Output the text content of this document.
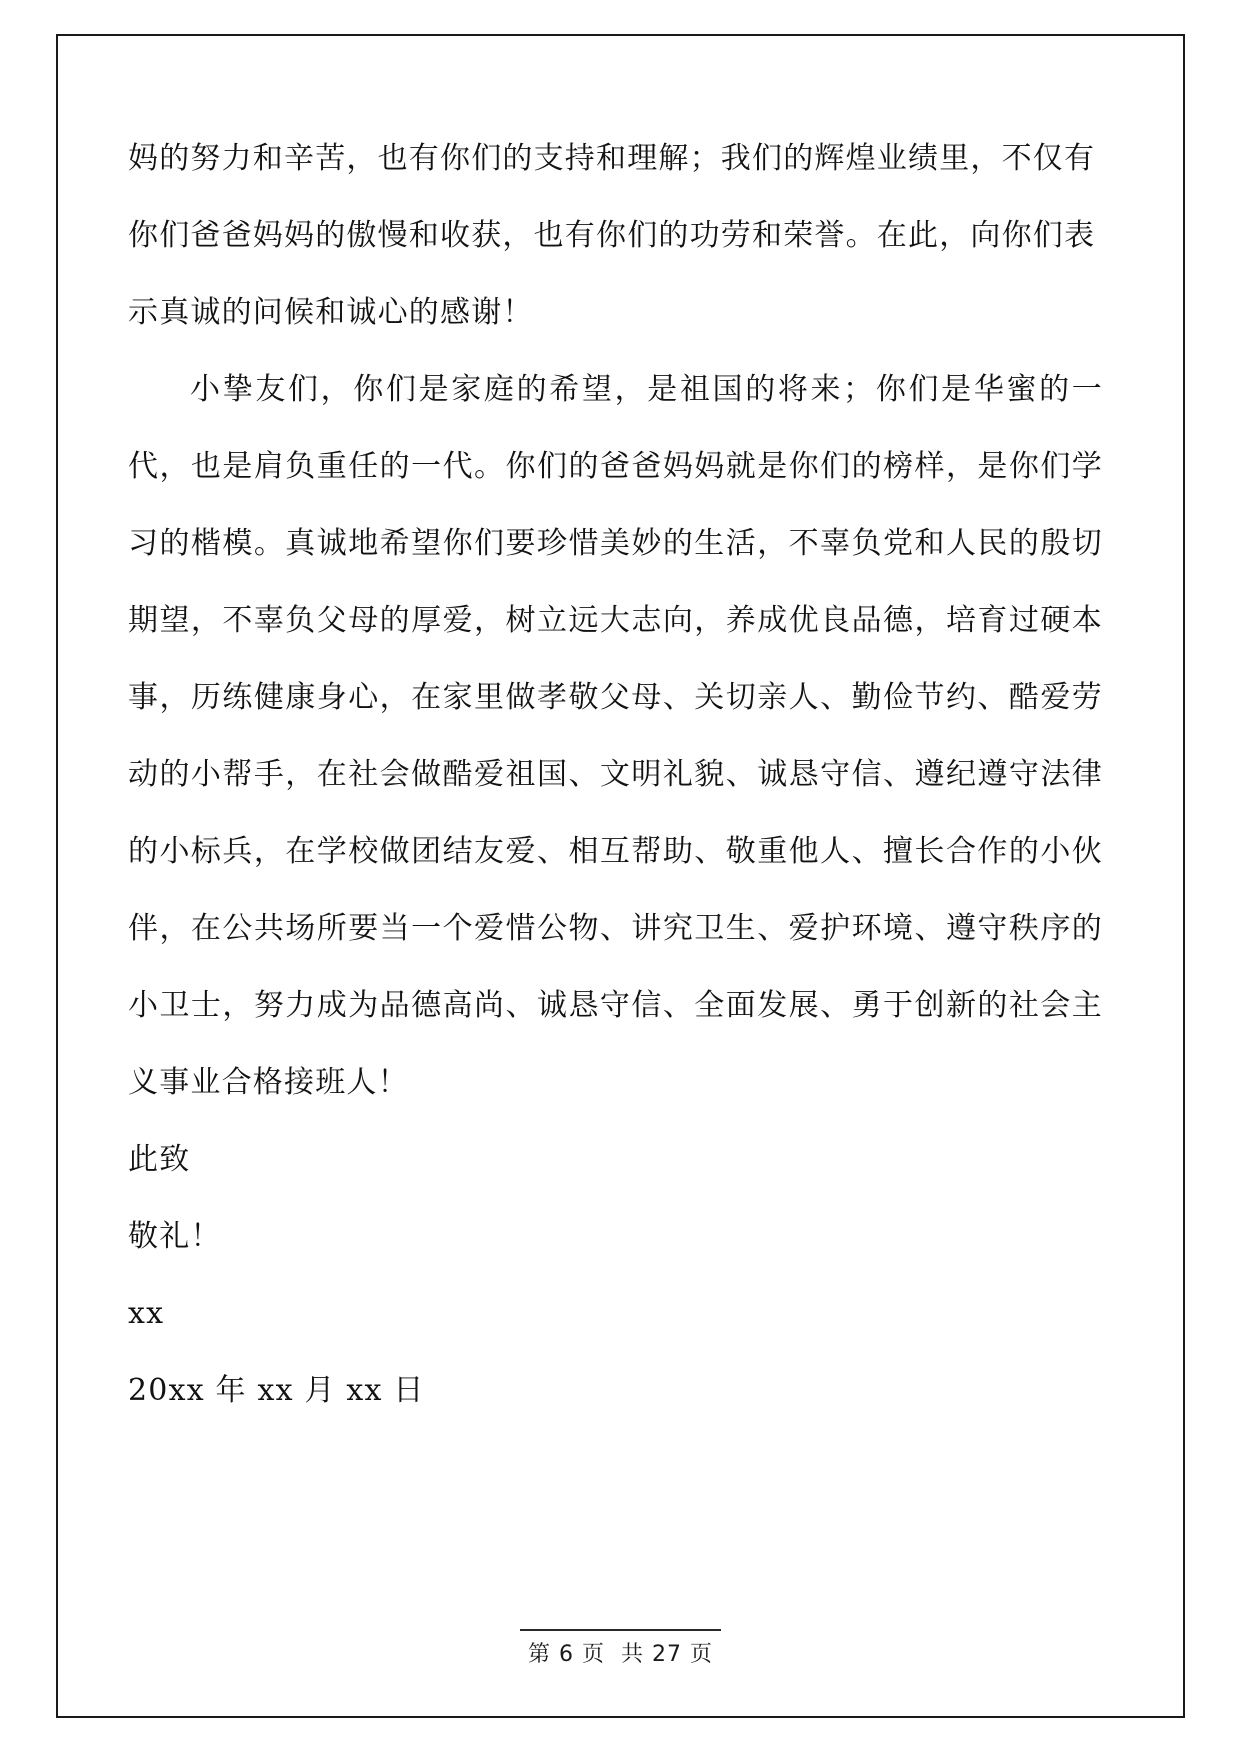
妈的努力和辛苦，也有你们的支持和理解；我们的辉煌业绩里，不仅有你们爸爸妈妈的傲慢和收获，也有你们的功劳和荣誉。在此，向你们表示真诚的问候和诚心的感谢！

小挚友们，你们是家庭的希望，是祖国的将来；你们是华蜜的一代，也是肩负重任的一代。你们的爸爸妈妈就是你们的榜样，是你们学习的楷模。真诚地希望你们要珍惜美妙的生活，不辜负党和人民的殷切期望，不辜负父母的厚爱，树立远大志向，养成优良品德，培育过硬本事，历练健康身心，在家里做孝敬父母、关切亲人、勤俭节约、酷爱劳动的小帮手，在社会做酷爱祖国、文明礼貌、诚恳守信、遵纪遵守法律的小标兵，在学校做团结友爱、相互帮助、敬重他人、擅长合作的小伙伴，在公共场所要当一个爱惜公物、讲究卫生、爱护环境、遵守秩序的小卫士，努力成为品德高尚、诚恳守信、全面发展、勇于创新的社会主义事业合格接班人！

此致

敬礼！

xx

20xx 年 xx 月 xx 日

第 6 页 共 27 页
